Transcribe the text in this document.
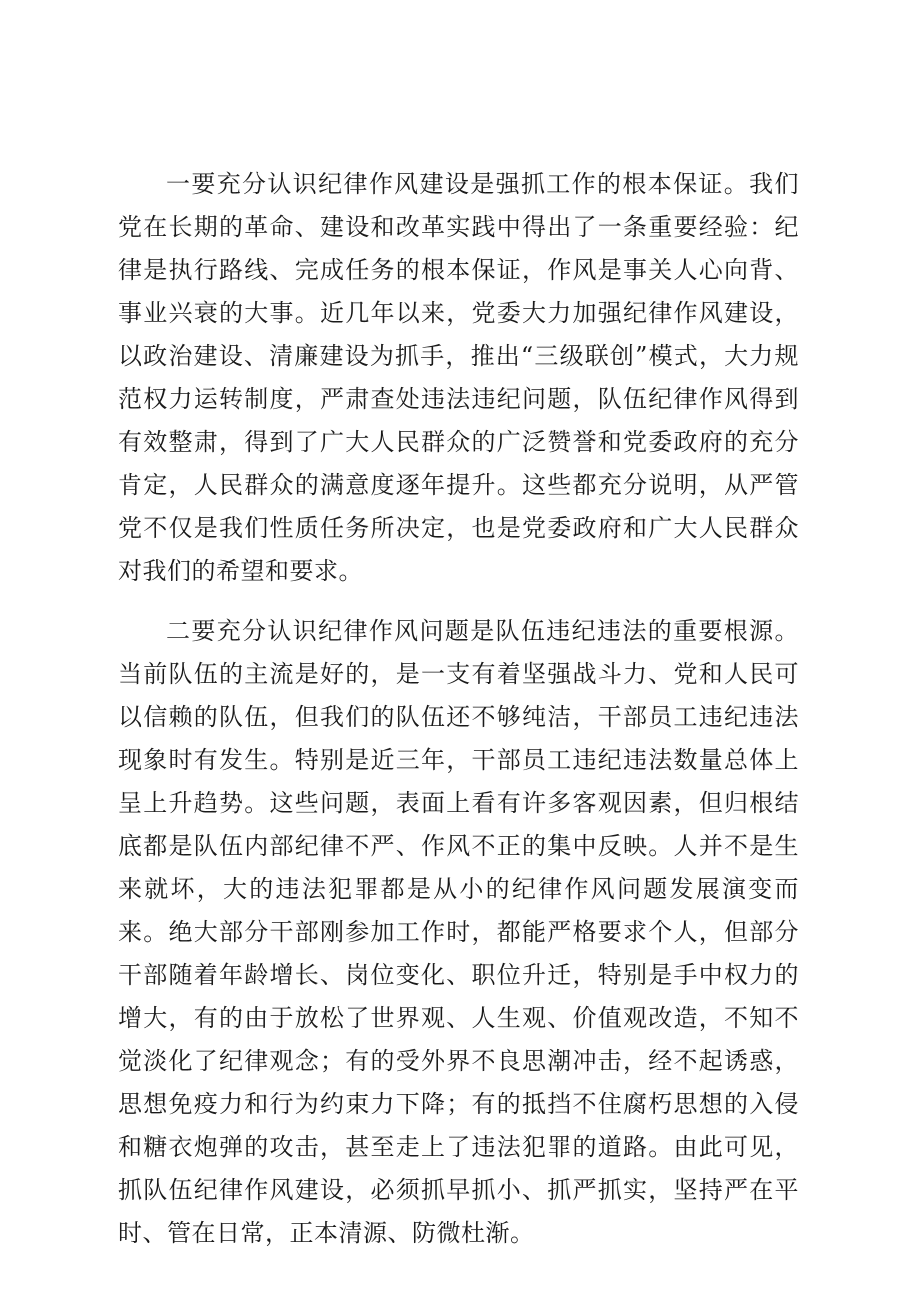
一要充分认识纪律作风建设是强抓工作的根本保证。我们党在长期的革命、建设和改革实践中得出了一条重要经验：纪律是执行路线、完成任务的根本保证，作风是事关人心向背、事业兴衰的大事。近几年以来，党委大力加强纪律作风建设，以政治建设、清廉建设为抓手，推出“三级联创”模式，大力规范权力运转制度，严肃查处违法违纪问题，队伍纪律作风得到有效整肃，得到了广大人民群众的广泛赞誉和党委政府的充分肯定，人民群众的满意度逐年提升。这些都充分说明，从严管党不仅是我们性质任务所决定，也是党委政府和广大人民群众对我们的希望和要求。

二要充分认识纪律作风问题是队伍违纪违法的重要根源。当前队伍的主流是好的，是一支有着坚强战斗力、党和人民可以信赖的队伍，但我们的队伍还不够纯洁，干部员工违纪违法现象时有发生。特别是近三年，干部员工违纪违法数量总体上呈上升趋势。这些问题，表面上看有许多客观因素，但归根结底都是队伍内部纪律不严、作风不正的集中反映。人并不是生来就坏，大的违法犯罪都是从小的纪律作风问题发展演变而来。绝大部分干部刚参加工作时，都能严格要求个人，但部分干部随着年龄增长、岗位变化、职位升迁，特别是手中权力的增大，有的由于放松了世界观、人生观、价值观改造，不知不觉淡化了纪律观念；有的受外界不良思潮冲击，经不起诱惑，思想免疫力和行为约束力下降；有的抵挡不住腐朽思想的入侵和糖衣炮弹的攻击，甚至走上了违法犯罪的道路。由此可见，抓队伍纪律作风建设，必须抓早抓小、抓严抓实，坚持严在平时、管在日常，正本清源、防微杜渐。
